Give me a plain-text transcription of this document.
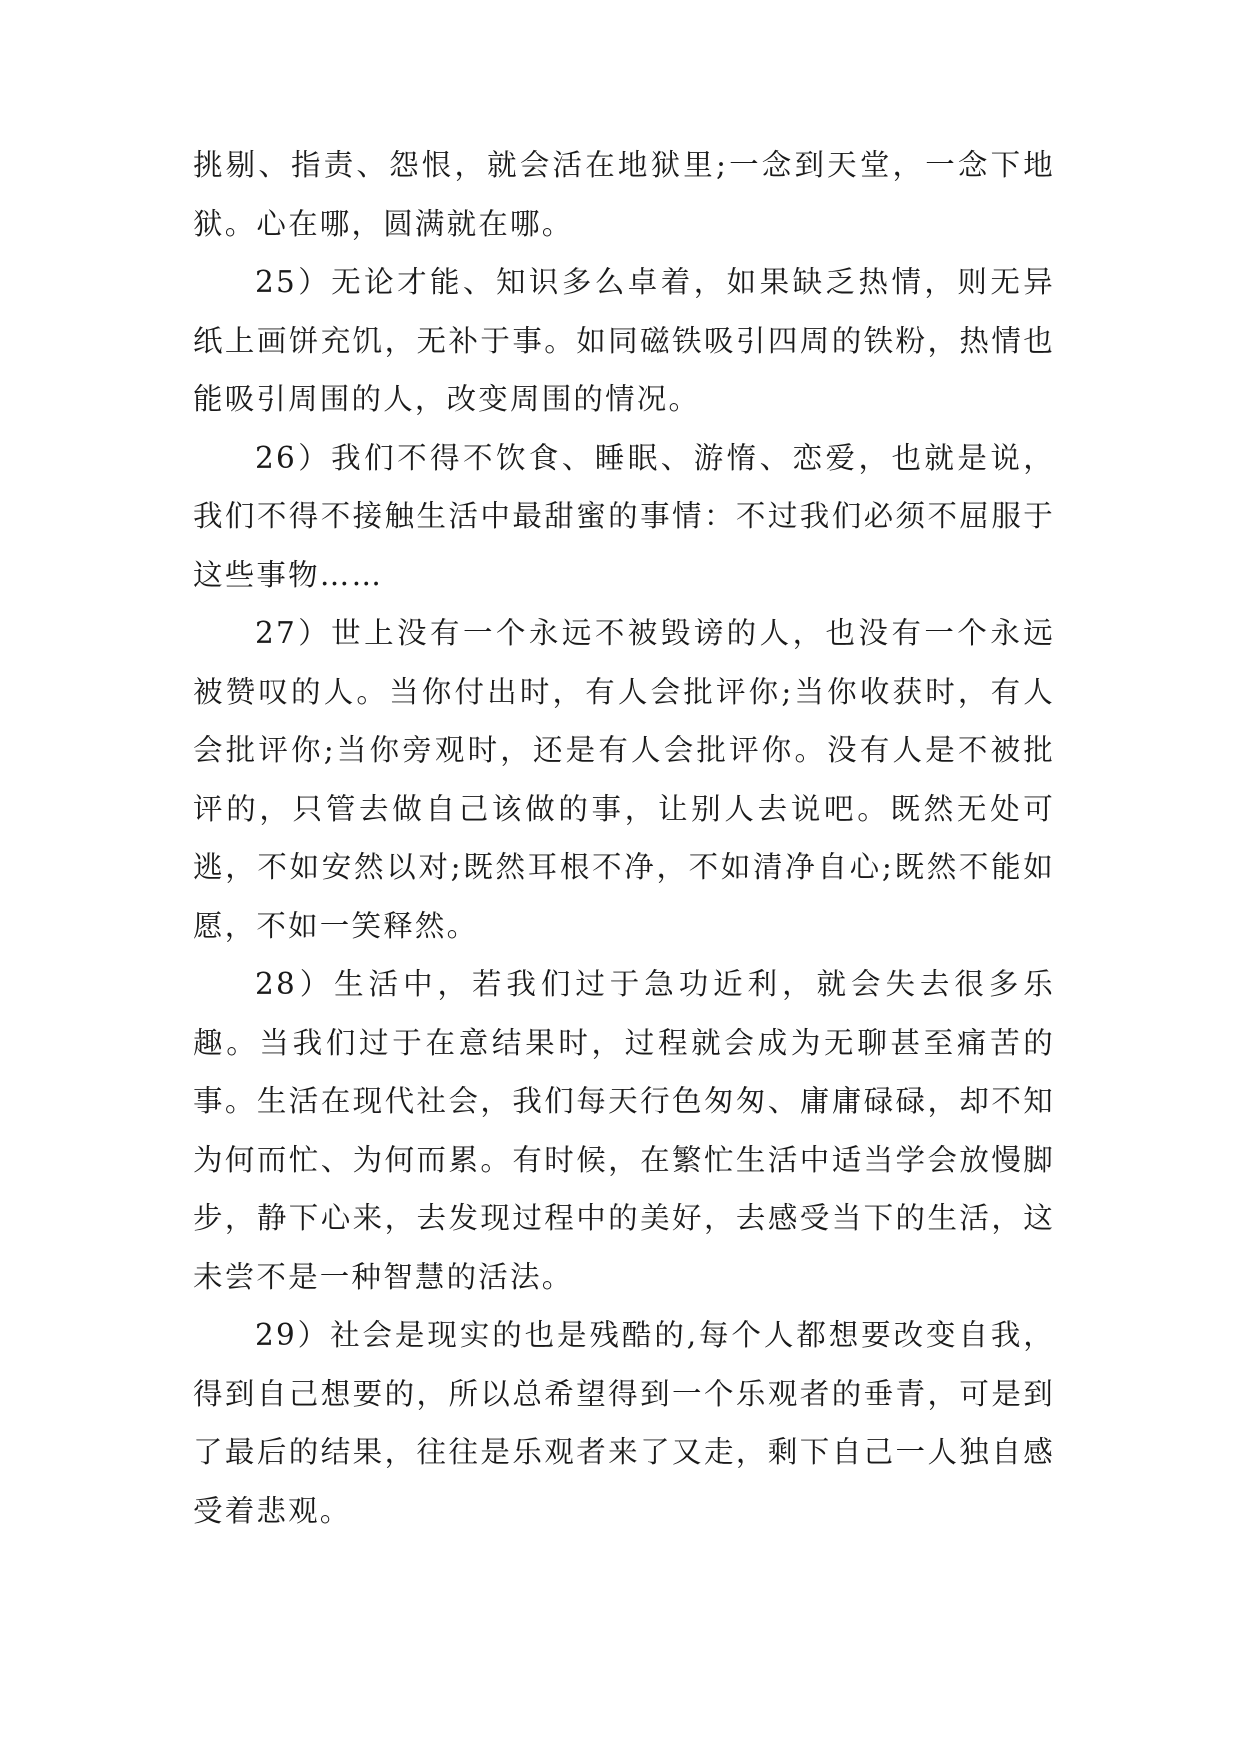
挑剔、指责、怨恨，就会活在地狱里;一念到天堂，一念下地狱。心在哪，圆满就在哪。

25）无论才能、知识多么卓着，如果缺乏热情，则无异纸上画饼充饥，无补于事。如同磁铁吸引四周的铁粉，热情也能吸引周围的人，改变周围的情况。

26）我们不得不饮食、睡眠、游惰、恋爱，也就是说，我们不得不接触生活中最甜蜜的事情：不过我们必须不屈服于这些事物……

27）世上没有一个永远不被毁谤的人，也没有一个永远被赞叹的人。当你付出时，有人会批评你;当你收获时，有人会批评你;当你旁观时，还是有人会批评你。没有人是不被批评的，只管去做自己该做的事，让别人去说吧。既然无处可逃，不如安然以对;既然耳根不净，不如清净自心;既然不能如愿，不如一笑释然。

28）生活中，若我们过于急功近利，就会失去很多乐趣。当我们过于在意结果时，过程就会成为无聊甚至痛苦的事。生活在现代社会，我们每天行色匆匆、庸庸碌碌，却不知为何而忙、为何而累。有时候，在繁忙生活中适当学会放慢脚步，静下心来，去发现过程中的美好，去感受当下的生活，这未尝不是一种智慧的活法。

29）社会是现实的也是残酷的,每个人都想要改变自我，得到自己想要的，所以总希望得到一个乐观者的垂青，可是到了最后的结果，往往是乐观者来了又走，剩下自己一人独自感受着悲观。
